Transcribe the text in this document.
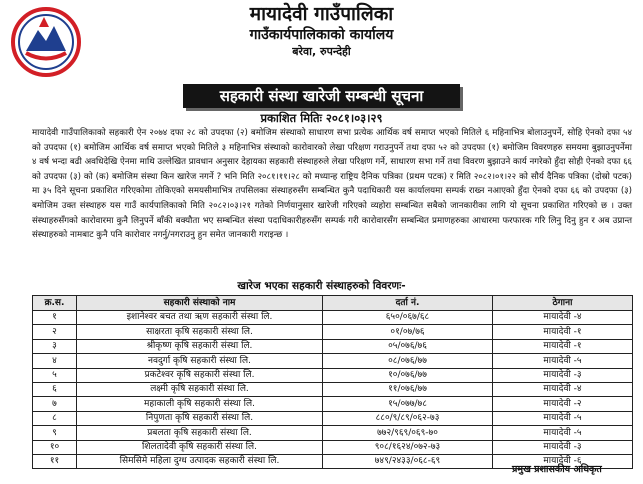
मायादेवी गाउँपालिका
गाउँकार्यपालिकाको कार्यालय
बरेवा, रुपन्देही
सहकारी संस्था खारेजी सम्बन्धी सूचना
प्रकाशित मितिः २०८१।०३।२९
मायादेवी गाउँपालिकाको सहकारी ऐन २०७४ दफा २८ को उपदफा (२) बमोजिम संस्थाको साधारण सभा प्रत्येक आर्थिक वर्ष समाप्त भएको मितिले ६ महिनाभित्र बोलाउनुपर्ने, सोहि ऐनको दफा ५४ को उपदफा (१) बमोजिम आर्थिक वर्ष समाप्त भएको मितिले ३ महिनाभित्र संस्थाको कारोवारको लेखा परिक्षण गराउनुपर्ने तथा दफा ५२ को उपदफा (१) बमोजिम विवरणहरु समयमा बुझाउनुपर्नेमा ४ वर्ष भन्दा बढी अवधिदेखि ऐनमा माथि उल्लेखित प्रावधान अनुसार देहायका सहकारी संस्थाहरुले लेखा परिक्षण गर्ने, साधारण सभा गर्ने तथा विवरण बुझाउने कार्य नगरेको हुँदा सोही ऐनको दफा ६६ को उपदफा (३) को (क) बमोजिम संस्था किन खारेज नगर्ने ? भनि मिति २०८१।११।२८ को मध्यान्ह राष्ट्रिय दैनिक पत्रिका (प्रथम पटक) र मिति २०८२।०१।२२ को सौर्य दैनिक पत्रिका (दोस्रो पटक) मा ३५ दिने सूचना प्रकाशित गरिएकोमा तोकिएको समयसीमाभित्र तपसिलका संस्थाहरुसँग सम्बन्धित कुनै पदाधिकारी यस कार्यालयमा सम्पर्क राख्न नआएको हुँदा ऐनको दफा ६६ को उपदफा (३) बमोजिम उक्त संस्थाहरु यस गाउँ कार्यपालिकाको मिति २०८२।०३।२१ गतेको निर्णयानुसार खारेजी गरिएको व्यहोरा सम्बन्धित सबैको जानकारीका लागि यो सूचना प्रकाशित गरिएको छ । उक्त संस्थाहरुसँगको कारोवारमा कुनै लिनुपर्ने बाँकी बक्यौता भए सम्बन्धित संस्था पदाधिकारीहरुसँग सम्पर्क गरी कारोवारसँग सम्बन्धित प्रमाणहरुका आधारमा फरफारक गरि लिनु दिनु हुन र अब उप्रान्त संस्थाहरुको नामबाट कुनै पनि कारोवार नगर्नु/नगराउनु हुन समेत जानकारी गराइन्छ ।
खारेज भएका सहकारी संस्थाहरुको विवरणः-
क्र.स.	सहकारी संस्थाको नाम	दर्ता नं.	ठेगाना
१	इशानेश्वर बचत तथा ऋण सहकारी संस्था लि.	६५०/०६७/६८	मायादेवी -४
२	साक्षरता कृषि सहकारी संस्था लि.	०१/०७/७६	मायादेवी -१
३	श्रीकृष्ण कृषि सहकारी संस्था लि.	०५/०७६/७६	मायादेवी -१
४	नवदुर्गा कृषि सहकारी संस्था लि.	०८/०७६/७७	मायादेवी -५
५	प्रकटेश्वर कृषि सहकारी संस्था लि.	१०/०७६/७७	मायादेवी -३
६	लक्ष्मी कृषि सहकारी संस्था लि.	११/०७६/७७	मायादेवी -४
७	महाकाली कृषि सहकारी संस्था लि.	१५/०७७/७८	मायादेवी -२
८	निपुणता कृषि सहकारी संस्था लि.	८८०/९/८९/०६२-७३	मायादेवी -५
९	प्रबलता कृषि सहकारी संस्था लि.	७७२/९६९/०६९-७०	मायादेवी -५
१०	शिलतादेवी कृषि सहकारी संस्था लि.	९०८/१६२४/०७२-७३	मायादेवी -३
११	सिमसिमे महिला दुग्ध उत्पादक सहकारी संस्था लि.	७४९/२४३३/०६८-६९	मायादेवी -६
प्रमुख प्रशासकीय अधिकृत
